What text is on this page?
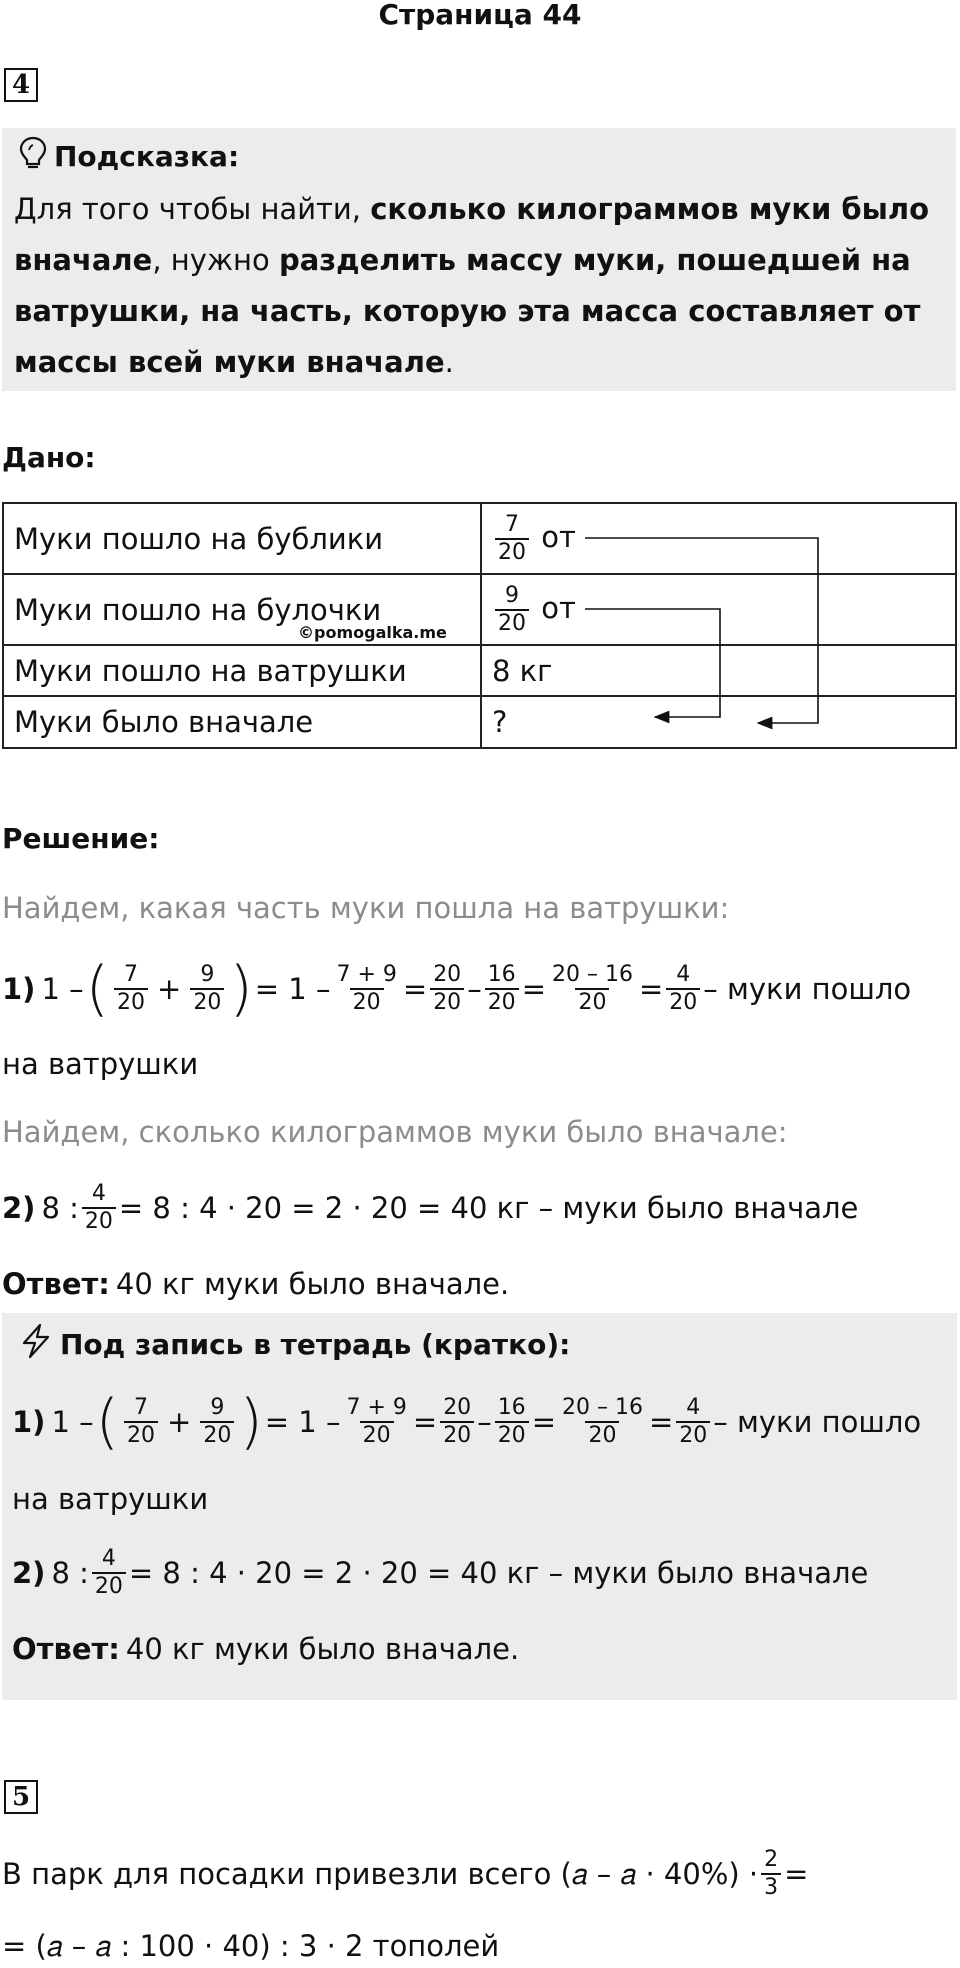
Страница 44
4
Подсказка:
Для того чтобы найти, сколько килограммов муки было вначале, нужно разделить массу муки, пошедшей на ватрушки, на часть, которую эта масса составляет от массы всей муки вначале.
Дано:
Муки пошло на бублики	$\frac{7}{20}$ от
Муки пошло на булочки	$\frac{9}{20}$ от
Муки пошло на ватрушки	8 кг
Муки было вначале	?
©pomogalka.me
Решение:
Найдем, какая часть муки пошла на ватрушки:
1) 1 – ( $\frac{7}{20} + \frac{9}{20}$ ) = $1 - \frac{7 + 9}{20} = \frac{20}{20} - \frac{16}{20} = \frac{20 - 16}{20} = \frac{4}{20}$ – муки пошло
на ватрушки
Найдем, сколько килограммов муки было вначале:
2) 8 : $\frac{4}{20} = 8$ : 4 · 20 = 2 · 20 = 40 кг – муки было вначале
Ответ: 40 кг муки было вначале.
Под запись в тетрадь (кратко):
1) 1 – ( $\frac{7}{20} + \frac{9}{20}$ ) = $1 - \frac{7 + 9}{20} = \frac{20}{20} - \frac{16}{20} = \frac{20 - 16}{20} = \frac{4}{20}$ – муки пошло
на ватрушки
2) 8 : $\frac{4}{20} = 8$ : 4 · 20 = 2 · 20 = 40 кг – муки было вначале
Ответ: 40 кг муки было вначале.
5
В парк для посадки привезли всего (𝑎 – 𝑎 · $40\%) \cdot \frac{2}{3}$ =
= (𝑎 – 𝑎 : 100 · 40) : 3 · 2 тополей
